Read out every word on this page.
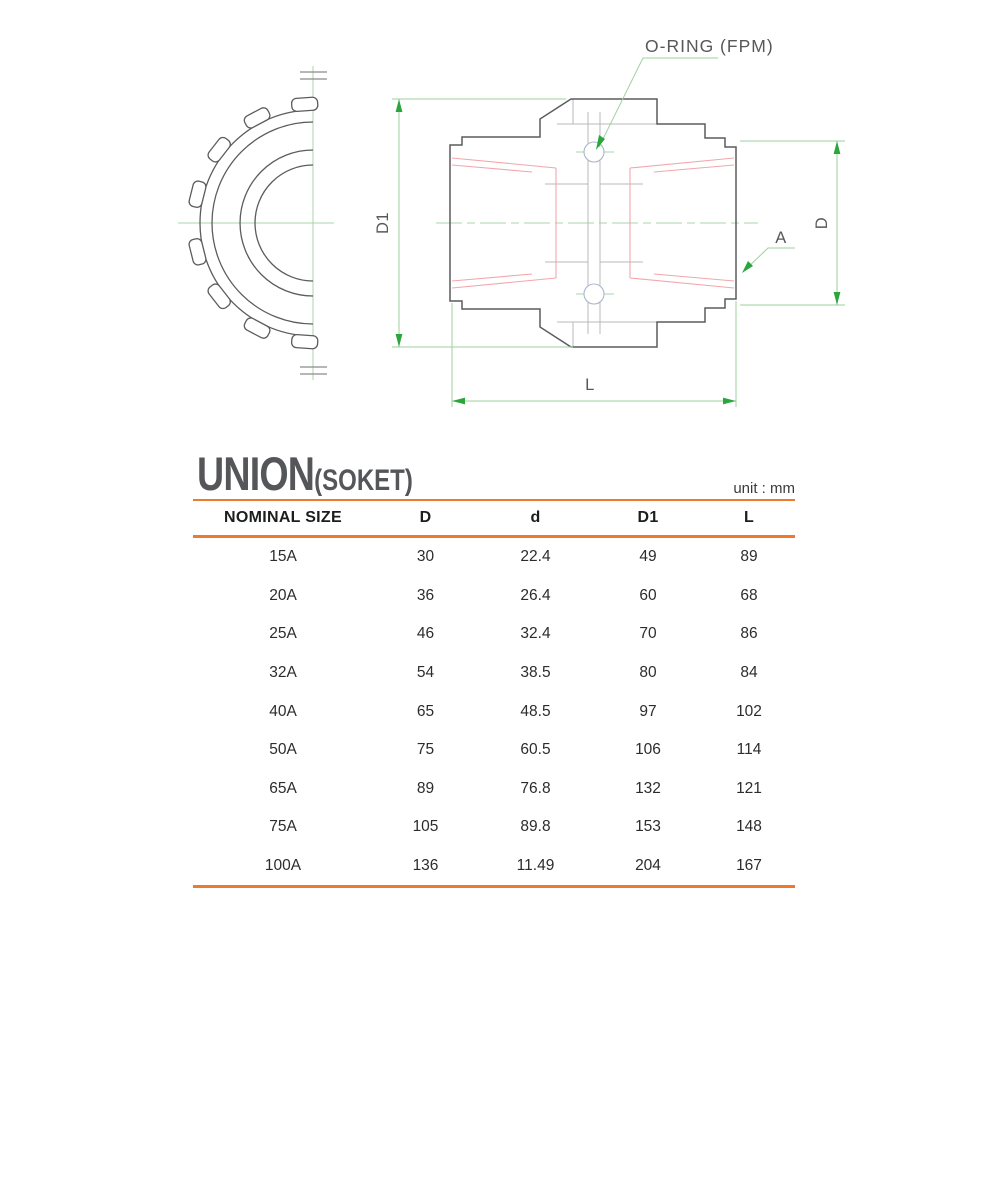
O-RING (FPM)
D1	D
L
A
UNION(SOKET)	unit : mm
NOMINAL SIZE	D	d	D1	L
15A	30	22.4	49	89
20A	36	26.4	60	68
25A	46	32.4	70	86
32A	54	38.5	80	84
40A	65	48.5	97	102
50A	75	60.5	106	114
65A	89	76.8	132	121
75A	105	89.8	153	148
100A	136	11.49	204	167
